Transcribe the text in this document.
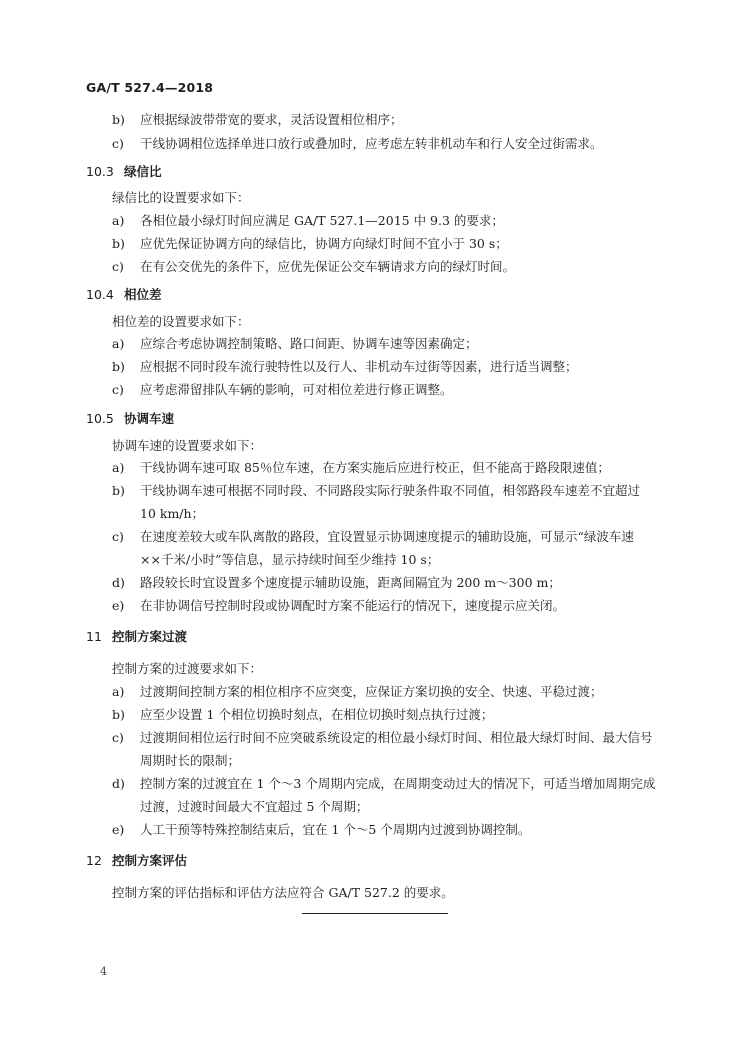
GA/T 527.4—2018
b) 应根据绿波带带宽的要求，灵活设置相位相序；
c) 干线协调相位选择单进口放行或叠加时，应考虑左转非机动车和行人安全过街需求。
10.3 绿信比
绿信比的设置要求如下：
a) 各相位最小绿灯时间应满足 GA/T 527.1—2015 中 9.3 的要求；
b) 应优先保证协调方向的绿信比，协调方向绿灯时间不宜小于 30 s；
c) 在有公交优先的条件下，应优先保证公交车辆请求方向的绿灯时间。
10.4 相位差
相位差的设置要求如下：
a) 应综合考虑协调控制策略、路口间距、协调车速等因素确定；
b) 应根据不同时段车流行驶特性以及行人、非机动车过街等因素，进行适当调整；
c) 应考虑滞留排队车辆的影响，可对相位差进行修正调整。
10.5 协调车速
协调车速的设置要求如下：
a) 干线协调车速可取 85％位车速，在方案实施后应进行校正，但不能高于路段限速值；
b) 干线协调车速可根据不同时段、不同路段实际行驶条件取不同值，相邻路段车速差不宜超过
10 km/h；
c) 在速度差较大或车队离散的路段，宜设置显示协调速度提示的辅助设施，可显示“绿波车速
××千米/小时”等信息，显示持续时间至少维持 10 s；
d) 路段较长时宜设置多个速度提示辅助设施，距离间隔宜为 200 m～300 m；
e) 在非协调信号控制时段或协调配时方案不能运行的情况下，速度提示应关闭。
11 控制方案过渡
控制方案的过渡要求如下：
a) 过渡期间控制方案的相位相序不应突变，应保证方案切换的安全、快速、平稳过渡；
b) 应至少设置 1 个相位切换时刻点，在相位切换时刻点执行过渡；
c) 过渡期间相位运行时间不应突破系统设定的相位最小绿灯时间、相位最大绿灯时间、最大信号
周期时长的限制；
d) 控制方案的过渡宜在 1 个～3 个周期内完成，在周期变动过大的情况下，可适当增加周期完成
过渡，过渡时间最大不宜超过 5 个周期；
e) 人工干预等特殊控制结束后，宜在 1 个～5 个周期内过渡到协调控制。
12 控制方案评估
控制方案的评估指标和评估方法应符合 GA/T 527.2 的要求。
4
